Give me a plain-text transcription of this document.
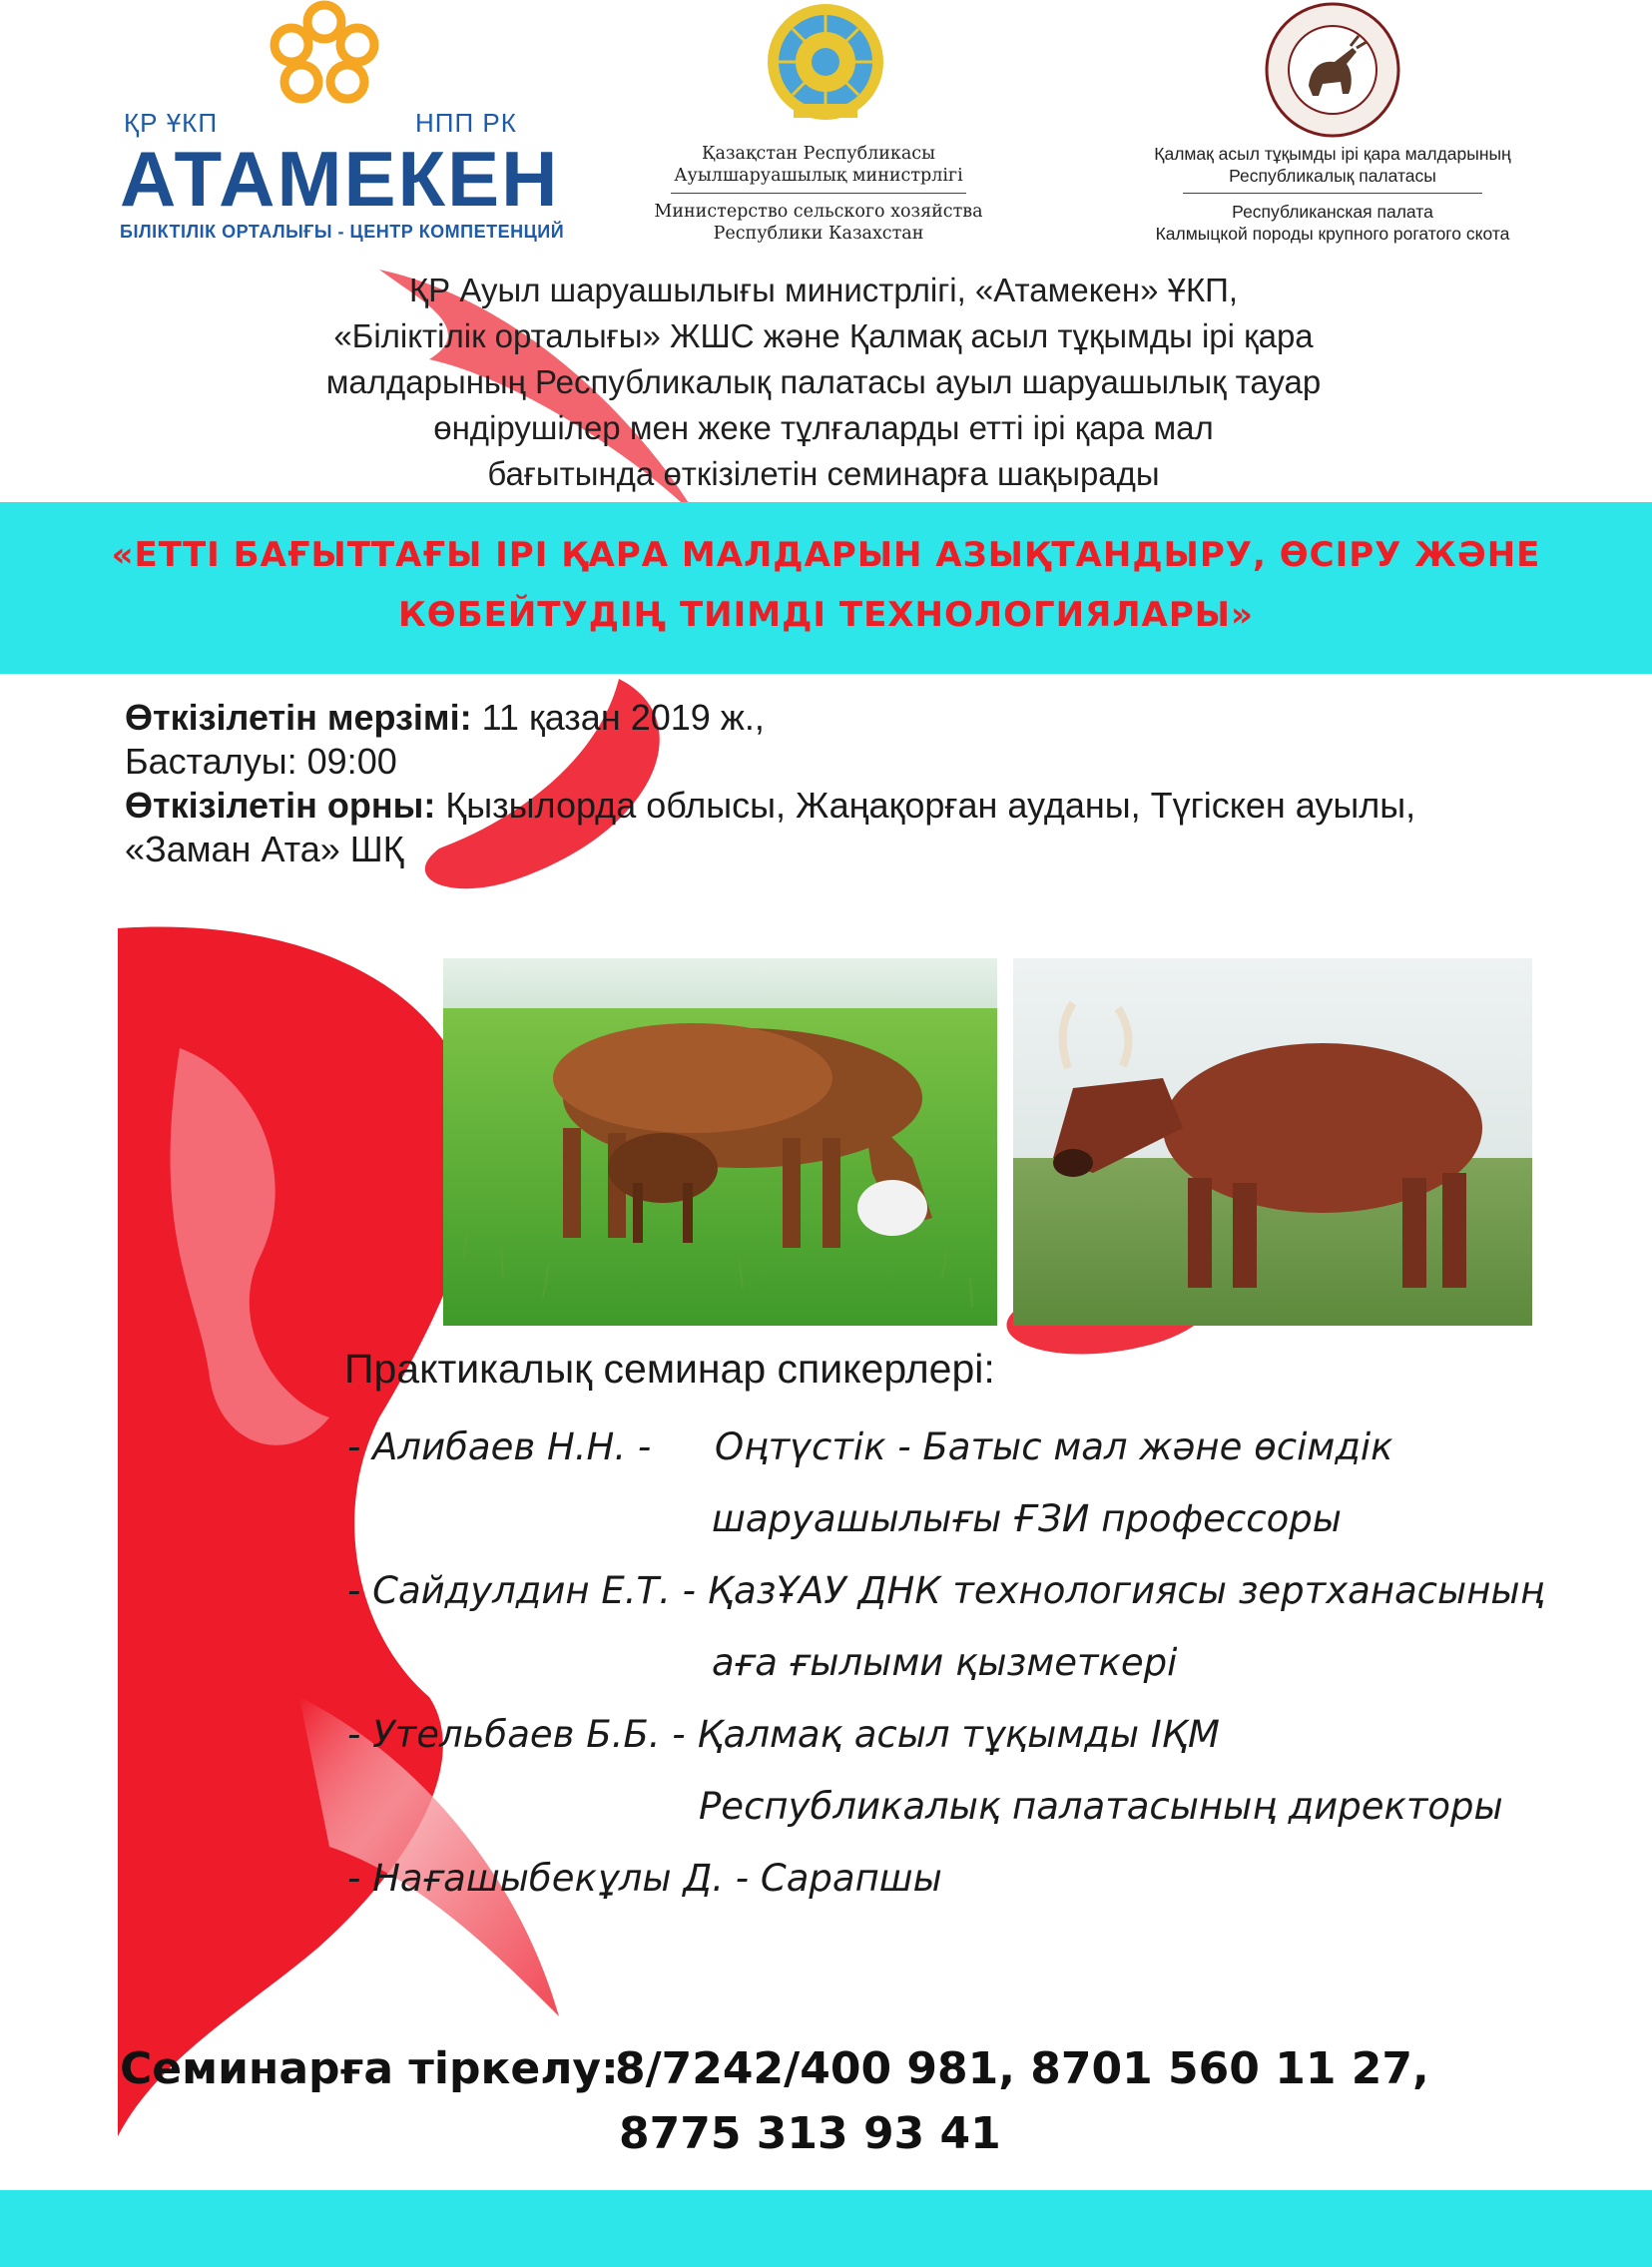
ҚР ҰКП	НПП РК
АТАМЕКЕН
БІЛІКТІЛІК ОРТАЛЫҒЫ - ЦЕНТР КОМПЕТЕНЦИЙ
Қазақстан Республикасы
Ауылшаруашылық министрлігі
Министерство сельского хозяйства
Республики Казахстан
Қалмақ асыл тұқымды ірі қара малдарының
Республикалық палатасы
Республиканская палата
Калмыцкой породы крупного рогатого скота
ҚР Ауыл шаруашылығы министрлігі, «Атамекен» ҰКП,
«Біліктілік орталығы» ЖШС және Қалмақ асыл тұқымды ірі қара
малдарының Республикалық палатасы ауыл шаруашылық тауар
өндірушілер мен жеке тұлғаларды етті ірі қара мал
бағытында өткізілетін семинарға шақырады
«ЕТТІ БАҒЫТТАҒЫ ІРІ ҚАРА МАЛДАРЫН АЗЫҚТАНДЫРУ, ӨСІРУ ЖӘНЕ
КӨБЕЙТУДІҢ ТИІМДІ ТЕХНОЛОГИЯЛАРЫ»
Өткізілетін мерзімі: 11 қазан 2019 ж.,
Басталуы: 09:00
Өткізілетін орны: Қызылорда облысы, Жаңақорған ауданы, Түгіскен ауылы,
«Заман Ата» ШҚ
Практикалық семинар спикерлері:
- Алибаев Н.Н. - Оңтүстік - Батыс мал және өсімдік
шаруашылығы ҒЗИ профессоры
- Сайдулдин Е.Т. - ҚазҰАУ ДНК технологиясы зертханасының
аға ғылыми қызметкері
- Утельбаев Б.Б. - Қалмақ асыл тұқымды ІҚМ
Республикалық палатасының директоры
- Нағашыбекұлы Д. - Сарапшы
Семинарға тіркелу:
8/7242/400 981, 8701 560 11 27,
8775 313 93 41
